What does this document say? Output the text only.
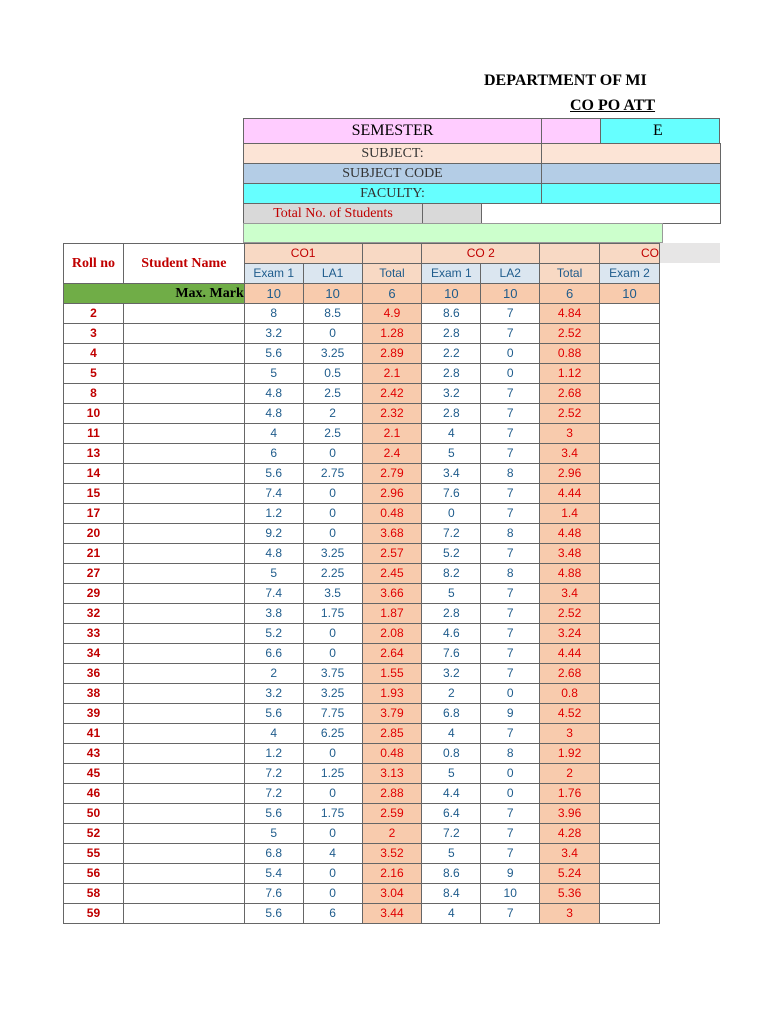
DEPARTMENT OF MI
CO PO ATT
SEMESTER	E
SUBJECT:
SUBJECT CODE
FACULTY:
Total No. of Students
Roll no	Student Name	CO1			CO 2			CO
		Exam 1	LA1	Total	Exam 1	LA2	Total	Exam 2
Max. Mark		10	10	6	10	10	6	10
2		8	8.5	4.9	8.6	7	4.84	
3		3.2	0	1.28	2.8	7	2.52	
4		5.6	3.25	2.89	2.2	0	0.88	
5		5	0.5	2.1	2.8	0	1.12	
8		4.8	2.5	2.42	3.2	7	2.68	
10		4.8	2	2.32	2.8	7	2.52	
11		4	2.5	2.1	4	7	3	
13		6	0	2.4	5	7	3.4	
14		5.6	2.75	2.79	3.4	8	2.96	
15		7.4	0	2.96	7.6	7	4.44	
17		1.2	0	0.48	0	7	1.4	
20		9.2	0	3.68	7.2	8	4.48	
21		4.8	3.25	2.57	5.2	7	3.48	
27		5	2.25	2.45	8.2	8	4.88	
29		7.4	3.5	3.66	5	7	3.4	
32		3.8	1.75	1.87	2.8	7	2.52	
33		5.2	0	2.08	4.6	7	3.24	
34		6.6	0	2.64	7.6	7	4.44	
36		2	3.75	1.55	3.2	7	2.68	
38		3.2	3.25	1.93	2	0	0.8	
39		5.6	7.75	3.79	6.8	9	4.52	
41		4	6.25	2.85	4	7	3	
43		1.2	0	0.48	0.8	8	1.92	
45		7.2	1.25	3.13	5	0	2	
46		7.2	0	2.88	4.4	0	1.76	
50		5.6	1.75	2.59	6.4	7	3.96	
52		5	0	2	7.2	7	4.28	
55		6.8	4	3.52	5	7	3.4	
56		5.4	0	2.16	8.6	9	5.24	
58		7.6	0	3.04	8.4	10	5.36	
59		5.6	6	3.44	4	7	3	
